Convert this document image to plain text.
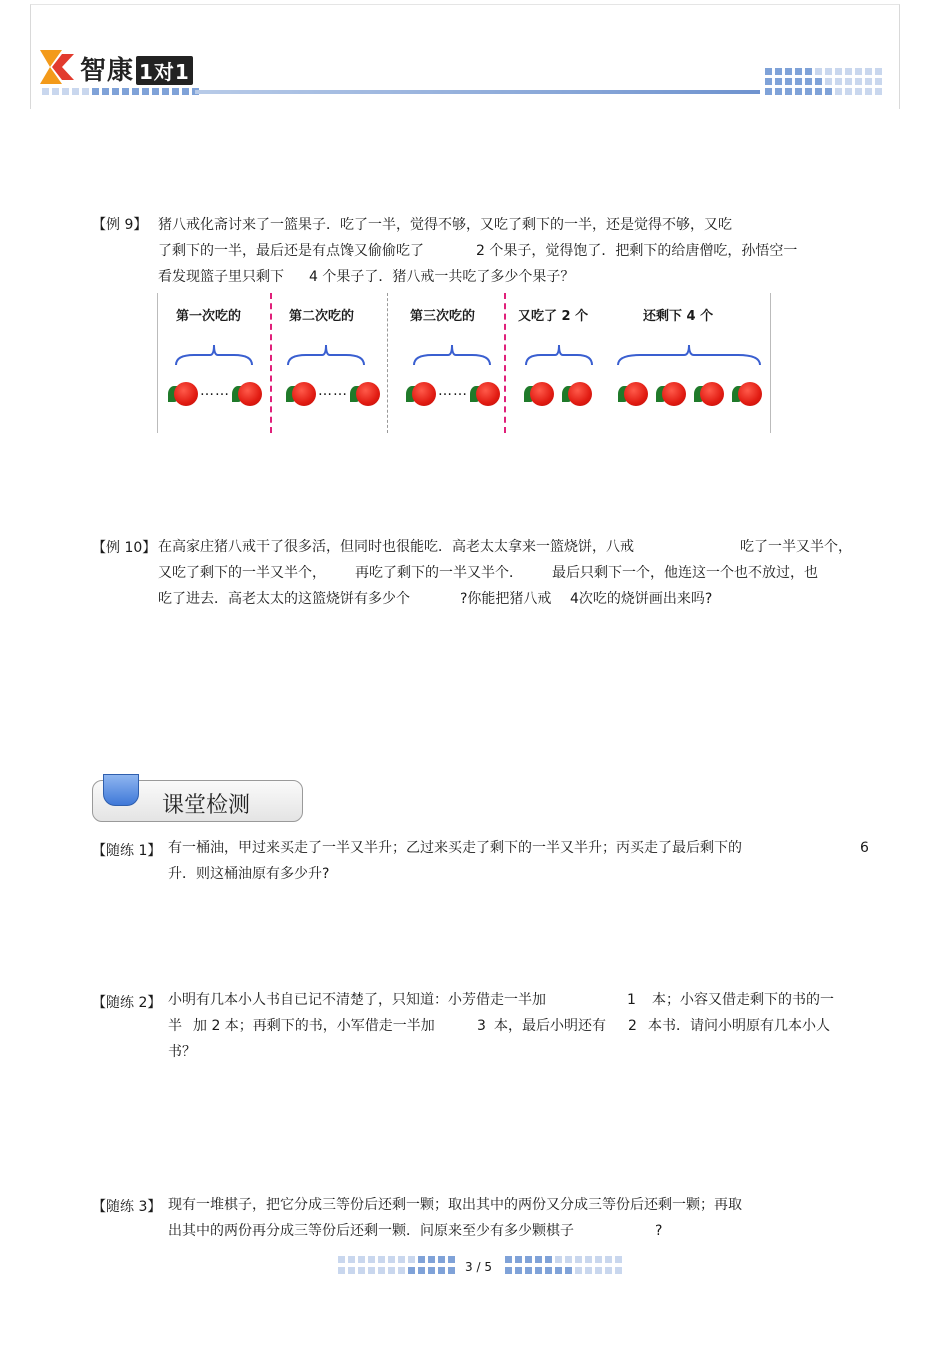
智康 1对1
【例 9】 猪八戒化斋讨来了一篮果子．吃了一半，觉得不够，又吃了剩下的一半，还是觉得不够，又吃
了剩下的一半，最后还是有点馋又偷偷吃了	2 个果子，觉得饱了．把剩下的给唐僧吃，孙悟空一
看发现篮子里只剩下 4 个果子了．猪八戒一共吃了多少个果子？
第一次吃的	第二次吃的	第三次吃的	又吃了 2 个	还剩下 4 个
……	……	……
【例 10】 在高家庄猪八戒干了很多活，但同时也很能吃．高老太太拿来一篮烧饼，八戒	吃了一半又半个，
又吃了剩下的一半又半个， 再吃了剩下的一半又半个． 最后只剩下一个，他连这一个也不放过，也
吃了进去．高老太太的这篮烧饼有多少个	?你能把猪八戒 4次吃的烧饼画出来吗?
课堂检测
【随练 1】 有一桶油，甲过来买走了一半又半升；乙过来买走了剩下的一半又半升；丙买走了最后剩下的	6
升．则这桶油原有多少升?
【随练 2】 小明有几本小人书自已记不清楚了，只知道：小芳借走一半加	1 本；小容又借走剩下的书的一
半 加 2 本；再剩下的书，小军借走一半加	3 本，最后小明还有 2 本书．请问小明原有几本小人
书？
【随练 3】 现有一堆棋子，把它分成三等份后还剩一颗；取出其中的两份又分成三等份后还剩一颗；再取
出其中的两份再分成三等份后还剩一颗．问原来至少有多少颗棋子	?
3 / 5
